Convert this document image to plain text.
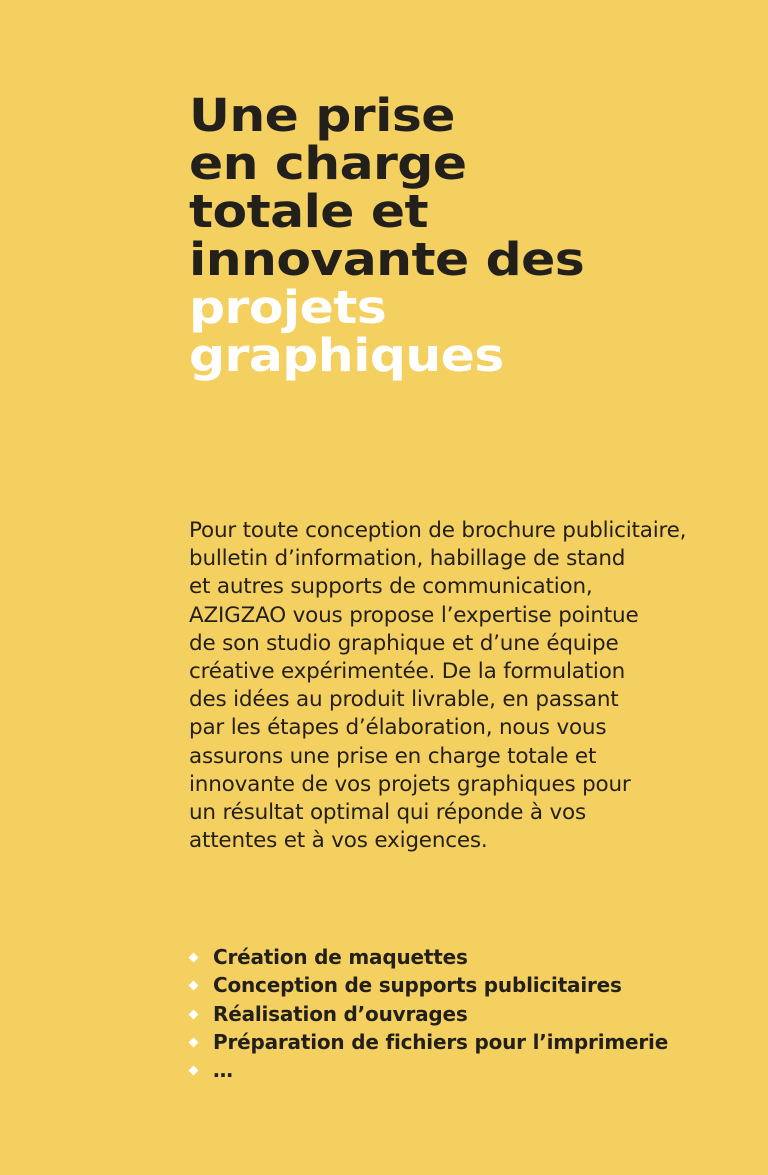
Une prise
en charge
totale et
innovante des
projets
graphiques

Pour toute conception de brochure publicitaire,
bulletin d’information, habillage de stand
et autres supports de communication,
AZIGZAO vous propose l’expertise pointue
de son studio graphique et d’une équipe
créative expérimentée. De la formulation
des idées au produit livrable, en passant
par les étapes d’élaboration, nous vous
assurons une prise en charge totale et
innovante de vos projets graphiques pour
un résultat optimal qui réponde à vos
attentes et à vos exigences.

Création de maquettes
Conception de supports publicitaires
Réalisation d’ouvrages
Préparation de fichiers pour l’imprimerie
…
